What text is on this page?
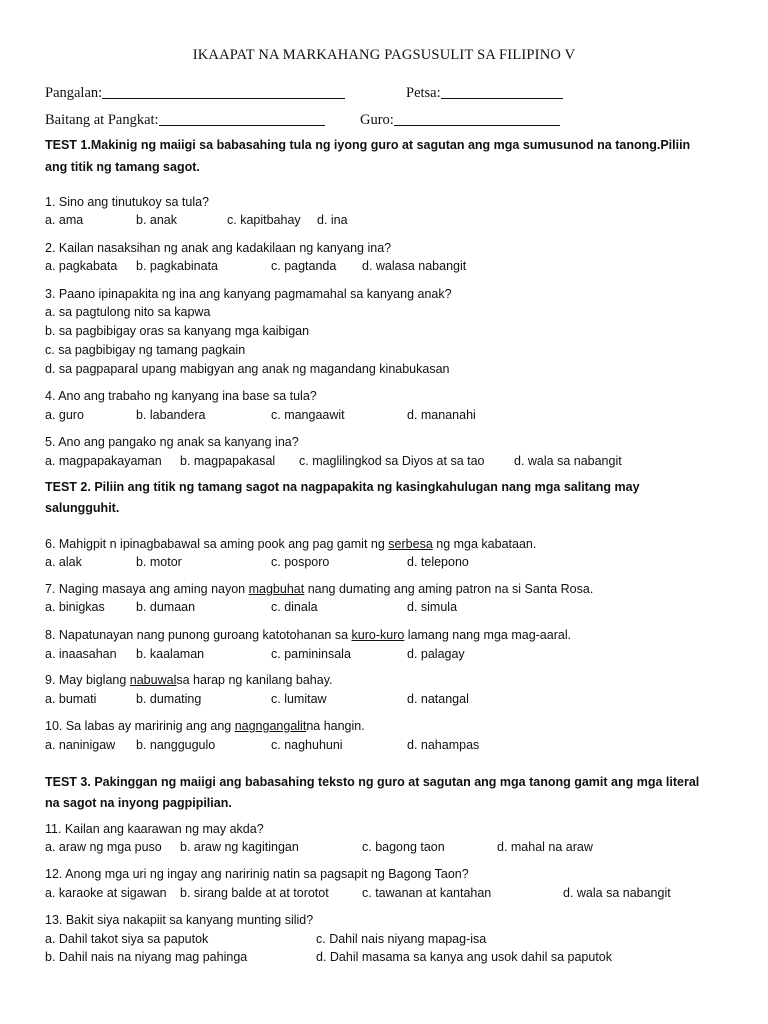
IKAAPAT NA MARKAHANG PAGSUSULIT SA FILIPINO V
Pangalan:	Petsa:
Baitang at Pangkat:	Guro:
TEST 1.Makinig ng maiigi sa babasahing tula ng iyong guro at sagutan ang mga sumusunod na tanong.Piliin
ang titik ng tamang sagot.
1. Sino ang tinutukoy sa tula?
a. ama	b. anak	c. kapitbahay d. ina
2. Kailan nasaksihan ng anak ang kadakilaan ng kanyang ina?
a. pagkabata b. pagkabinata	c. pagtanda d. walasa nabangit
3. Paano ipinapakita ng ina ang kanyang pagmamahal sa kanyang anak?
a. sa pagtulong nito sa kapwa
b. sa pagbibigay oras sa kanyang mga kaibigan
c. sa pagbibigay ng tamang pagkain
d. sa pagpaparal upang mabigyan ang anak ng magandang kinabukasan
4. Ano ang trabaho ng kanyang ina base sa tula?
a. guro	b. labandera	c. mangaawit	d. mananahi
5. Ano ang pangako ng anak sa kanyang ina?
a. magpapakayaman b. magpapakasal c. maglilingkod sa Diyos at sa tao d. wala sa nabangit
TEST 2. Piliin ang titik ng tamang sagot na nagpapakita ng kasingkahulugan nang mga salitang may
salungguhit.
6. Mahigpit n ipinagbabawal sa aming pook ang pag gamit ng serbesa ng mga kabataan.
a. alak	b. motor	c. posporo	d. telepono
7. Naging masaya ang aming nayon magbuhat nang dumating ang aming patron na si Santa Rosa.
a. binigkas b. dumaan	c. dinala	d. simula
8. Napatunayan nang punong guroang katotohanan sa kuro-kuro lamang nang mga mag-aaral.
a. inaasahan b. kaalaman	c. pamininsala	d. palagay
9. May biglang nabuwalsa harap ng kanilang bahay.
a. bumati	b. dumating	c. lumitaw	d. natangal
10. Sa labas ay maririnig ang ang nagngangalitna hangin.
a. naninigaw b. nanggugulo	c. naghuhuni	d. nahampas
TEST 3. Pakinggan ng maiigi ang babasahing teksto ng guro at sagutan ang mga tanong gamit ang mga literal
na sagot na inyong pagpipilian.
11. Kailan ang kaarawan ng may akda?
a. araw ng mga puso b. araw ng kagitingan	c. bagong taon	d. mahal na araw
12. Anong mga uri ng ingay ang naririnig natin sa pagsapit ng Bagong Taon?
a. karaoke at sigawan b. sirang balde at at torotot	c. tawanan at kantahan	d. wala sa nabangit
13. Bakit siya nakapiit sa kanyang munting silid?
a. Dahil takot siya sa paputok
b. Dahil nais na niyang mag pahinga
c. Dahil nais niyang mapag-isa
d. Dahil masama sa kanya ang usok dahil sa paputok
